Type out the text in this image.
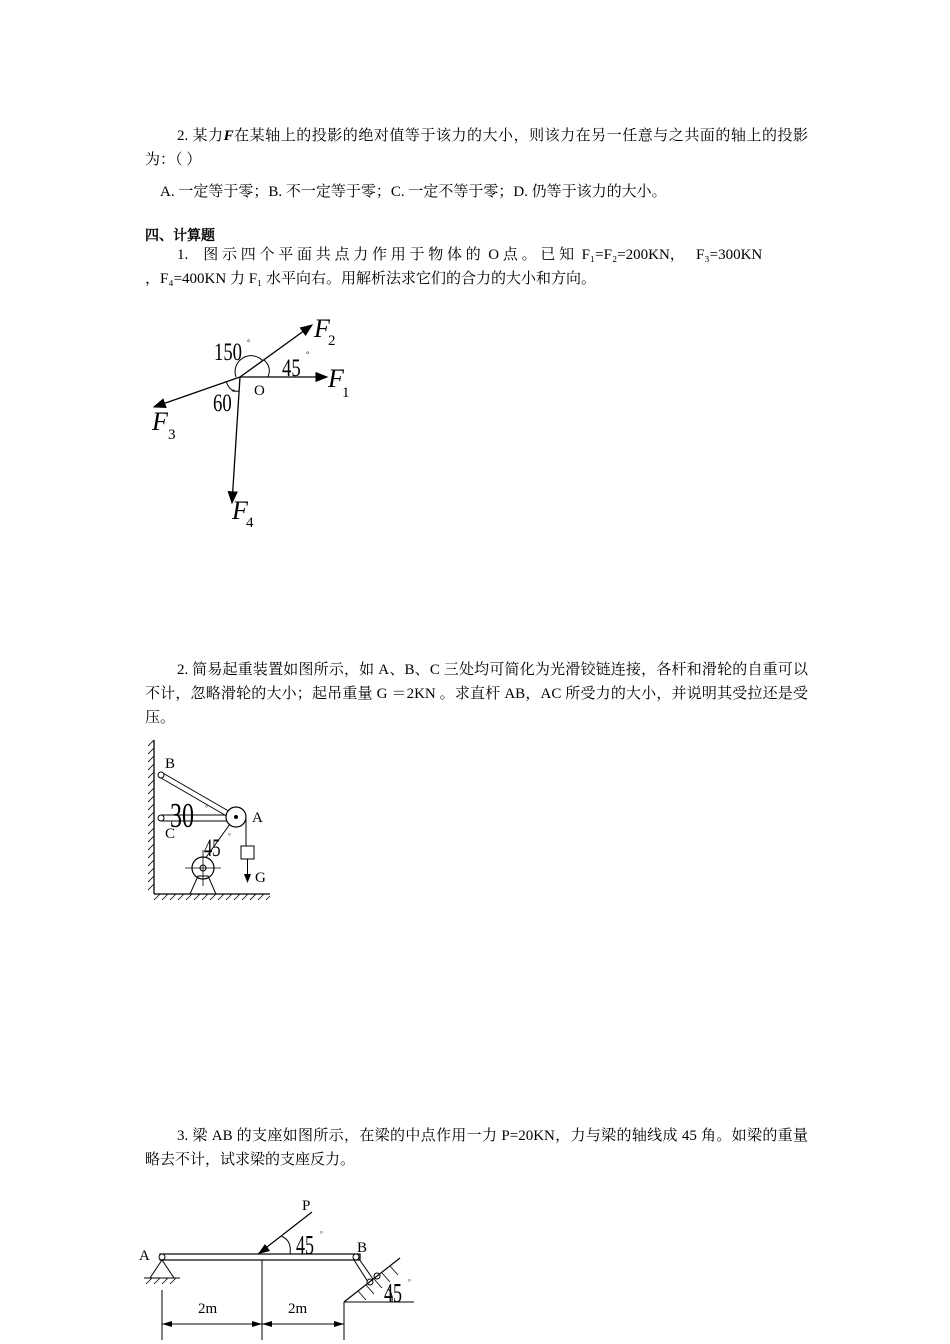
2. 某力F在某轴上的投影的绝对值等于该力的大小，则该力在另一任意与之共面的轴上的投影为：（ ）
A. 一定等于零；B. 不一定等于零；C. 一定不等于零；D. 仍等于该力的大小。
四、计算题
1.    图 示 四 个 平 面 共 点 力 作 用 于 物 体 的  O 点 。 已 知  F₁=F₂=200KN，   F₃=300KN
，F₄=400KN 力 F₁ 水平向右。用解析法求它们的合力的大小和方向。
F
2
F
1
F 3
F
4
O
150 °
45 °
60 °
2. 简易起重装置如图所示，如 A、B、C 三处均可简化为光滑铰链连接，各杆和滑轮的自重可以不计，忽略滑轮的大小；起吊重量 G ＝2KN 。求直杆 AB，AC 所受力的大小，并说明其受拉还是受压。
B
C
A
G
30
45 °
°
3. 梁 AB 的支座如图所示，在梁的中点作用一力 P=20KN，力与梁的轴线成 45 角。如梁的重量略去不计，试求梁的支座反力。
P
A	B
45 °
45 °
2m	2m
